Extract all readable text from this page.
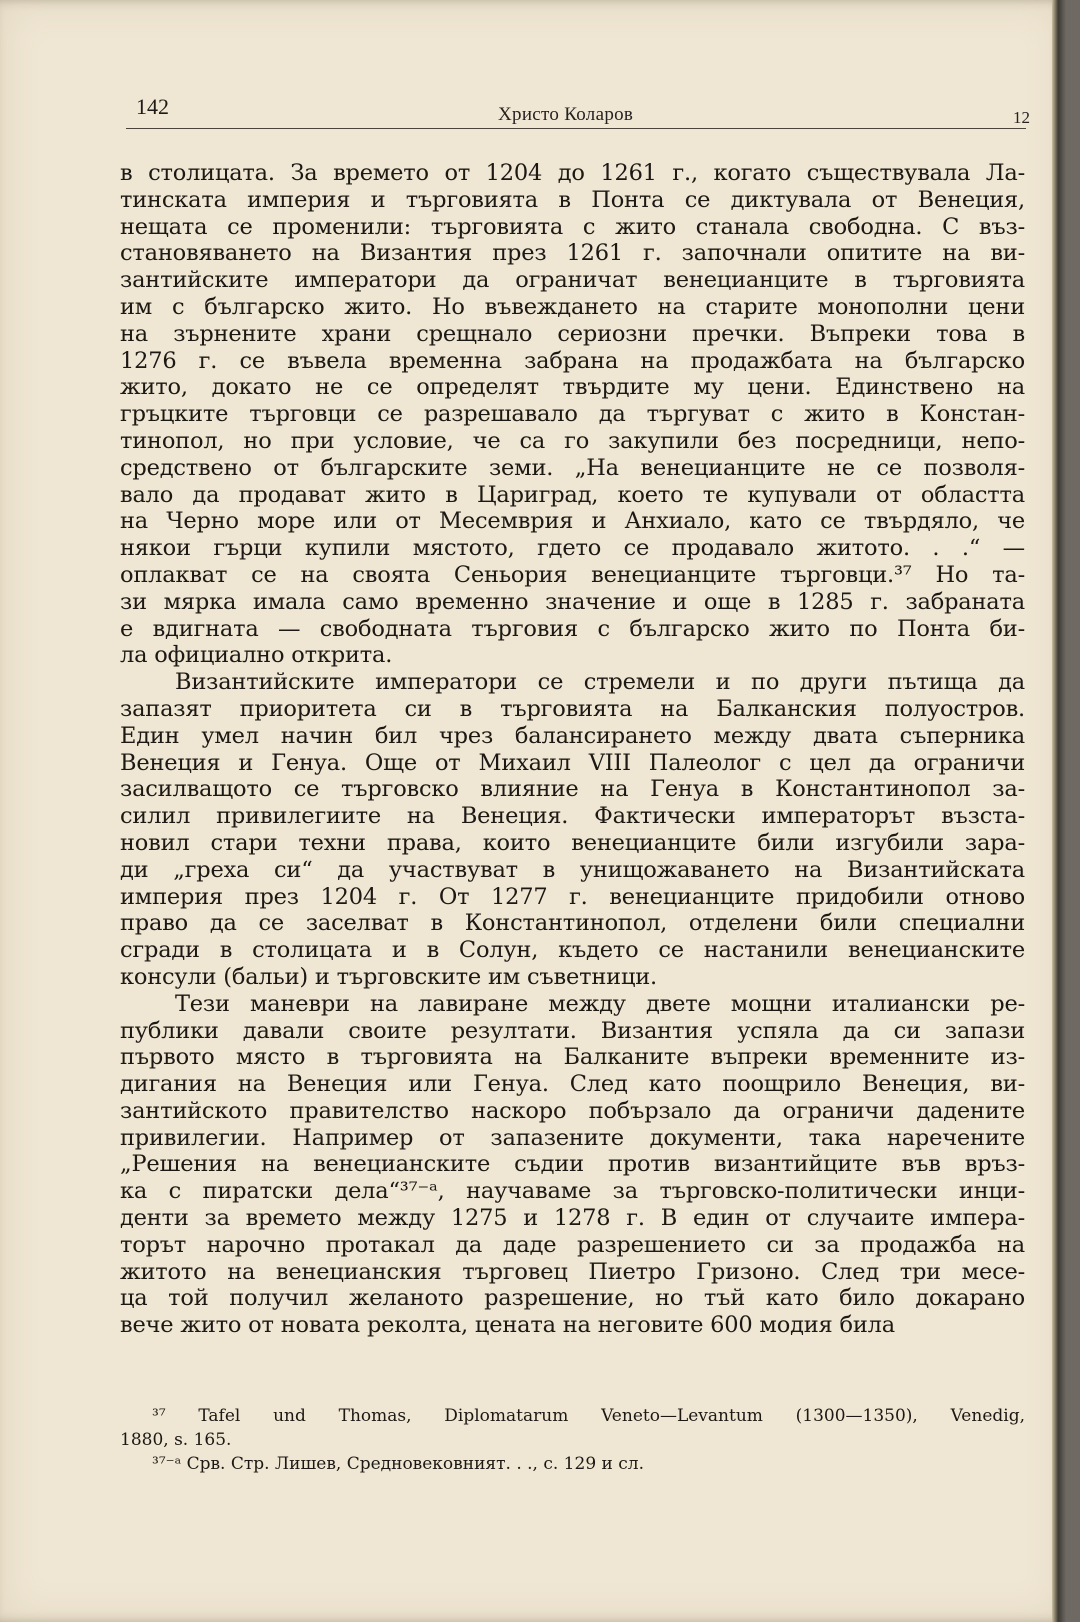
142	Христо Коларов	12
в столицата. За времето от 1204 до 1261 г., когато съществувала Ла-
тинската империя и търговията в Понта се диктувала от Венеция,
нещата се променили: търговията с жито станала свободна. С въз-
становяването на Византия през 1261 г. започнали опитите на ви-
зантийските императори да ограничат венецианците в търговията
им с българско жито. Но въвеждането на старите монополни цени
на зърнените храни срещнало сериозни пречки. Въпреки това в
1276 г. се въвела временна забрана на продажбата на българско
жито, докато не се определят твърдите му цени. Единствено на
гръцките търговци се разрешавало да търгуват с жито в Констан-
тинопол, но при условие, че са го закупили без посредници, непо-
средствено от българските земи. „На венецианците не се позволя-
вало да продават жито в Цариград, което те купували от областта
на Черно море или от Месемврия и Анхиало, като се твърдяло, че
някои гърци купили мястото, гдето се продавало житото. . .“ —
оплакват се на своята Сеньория венецианците търговци.³⁷ Но та-
зи мярка имала само временно значение и още в 1285 г. забраната
е вдигната — свободната търговия с българско жито по Понта би-
ла официално открита.
Византийските императори се стремели и по други пътища да
запазят приоритета си в търговията на Балканския полуостров.
Един умел начин бил чрез балансирането между двата съперника
Венеция и Генуа. Още от Михаил VIII Палеолог с цел да ограничи
засилващото се търговско влияние на Генуа в Константинопол за-
силил привилегиите на Венеция. Фактически императорът възста-
новил стари техни права, които венецианците били изгубили зара-
ди „греха си“ да участвуват в унищожаването на Византийската
империя през 1204 г. От 1277 г. венецианците придобили отново
право да се заселват в Константинопол, отделени били специални
сгради в столицата и в Солун, където се настанили венецианските
консули (бальи) и търговските им съветници.
Тези маневри на лавиране между двете мощни италиански ре-
публики давали своите резултати. Византия успяла да си запази
първото място в търговията на Балканите въпреки временните из-
дигания на Венеция или Генуа. След като поощрило Венеция, ви-
зантийското правителство наскоро побързало да ограничи дадените
привилегии. Например от запазените документи, така наречените
„Решения на венецианските съдии против византийците във връз-
ка с пиратски дела“³⁷⁻ᵃ, научаваме за търговско-политически инци-
денти за времето между 1275 и 1278 г. В един от случаите импера-
торът нарочно протакал да даде разрешението си за продажба на
житото на венецианския търговец Пиетро Гризоно. След три месе-
ца той получил желаното разрешение, но тъй като било докарано
вече жито от новата реколта, цената на неговите 600 модия била
³⁷ Tafel und Thomas, Diplomatarum Veneto—Levantum (1300—1350), Venedig,
1880, s. 165.
³⁷⁻ᵃ Срв. Стр. Лишев, Средновековният. . ., с. 129 и сл.
